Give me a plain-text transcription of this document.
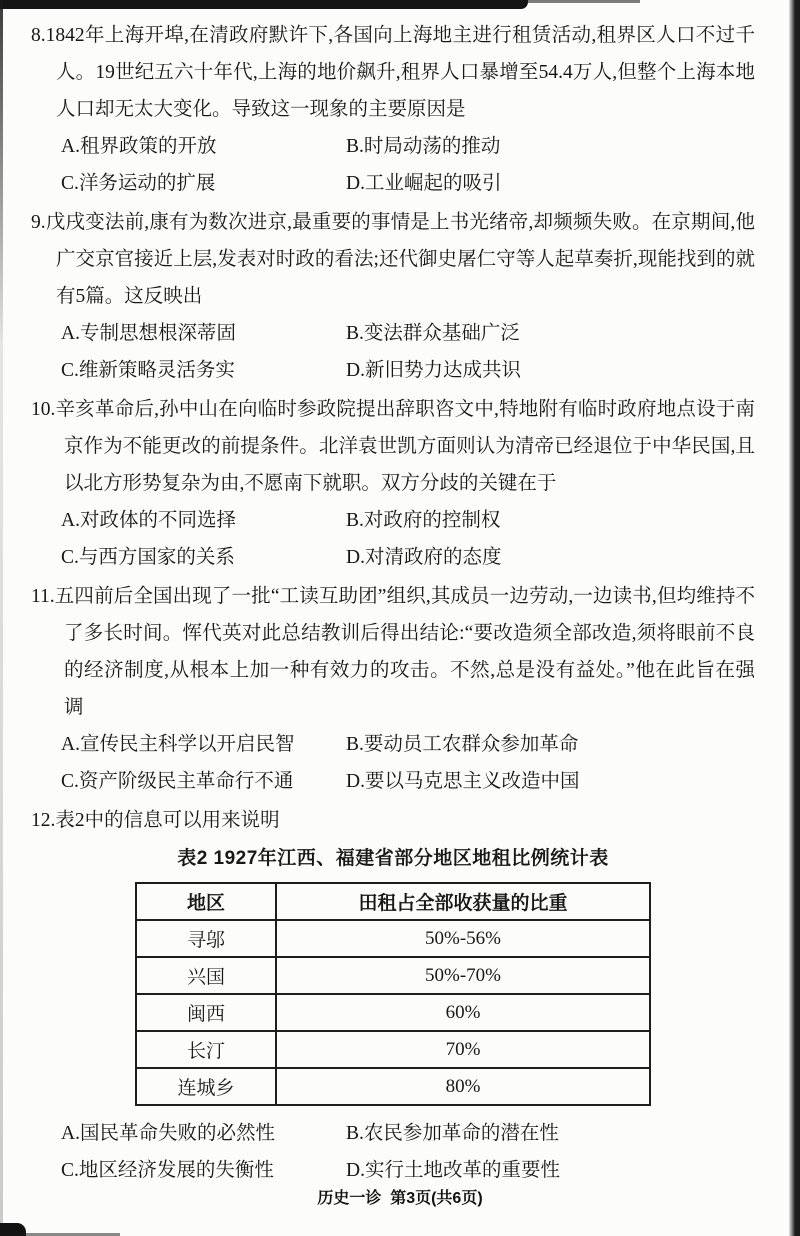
8.1842年上海开埠,在清政府默许下,各国向上海地主进行租赁活动,租界区人口不过千人。19世纪五六十年代,上海的地价飙升,租界人口暴增至54.4万人,但整个上海本地人口却无太大变化。导致这一现象的主要原因是
A.租界政策的开放	B.时局动荡的推动
C.洋务运动的扩展	D.工业崛起的吸引
9.戊戌变法前,康有为数次进京,最重要的事情是上书光绪帝,却频频失败。在京期间,他广交京官接近上层,发表对时政的看法;还代御史屠仁守等人起草奏折,现能找到的就有5篇。这反映出
A.专制思想根深蒂固	B.变法群众基础广泛
C.维新策略灵活务实	D.新旧势力达成共识
10.辛亥革命后,孙中山在向临时参政院提出辞职咨文中,特地附有临时政府地点设于南京作为不能更改的前提条件。北洋袁世凯方面则认为清帝已经退位于中华民国,且以北方形势复杂为由,不愿南下就职。双方分歧的关键在于
A.对政体的不同选择	B.对政府的控制权
C.与西方国家的关系	D.对清政府的态度
11.五四前后全国出现了一批“工读互助团”组织,其成员一边劳动,一边读书,但均维持不了多长时间。恽代英对此总结教训后得出结论:“要改造须全部改造,须将眼前不良的经济制度,从根本上加一种有效力的攻击。不然,总是没有益处。”他在此旨在强调
A.宣传民主科学以开启民智	B.要动员工农群众参加革命
C.资产阶级民主革命行不通	D.要以马克思主义改造中国
12.表2中的信息可以用来说明
表2 1927年江西、福建省部分地区地租比例统计表
地区	田租占全部收获量的比重
寻邬	50%-56%
兴国	50%-70%
闽西	60%
长汀	70%
连城乡	80%
A.国民革命失败的必然性	B.农民参加革命的潜在性
C.地区经济发展的失衡性	D.实行土地改革的重要性
历史一诊  第3页(共6页)
